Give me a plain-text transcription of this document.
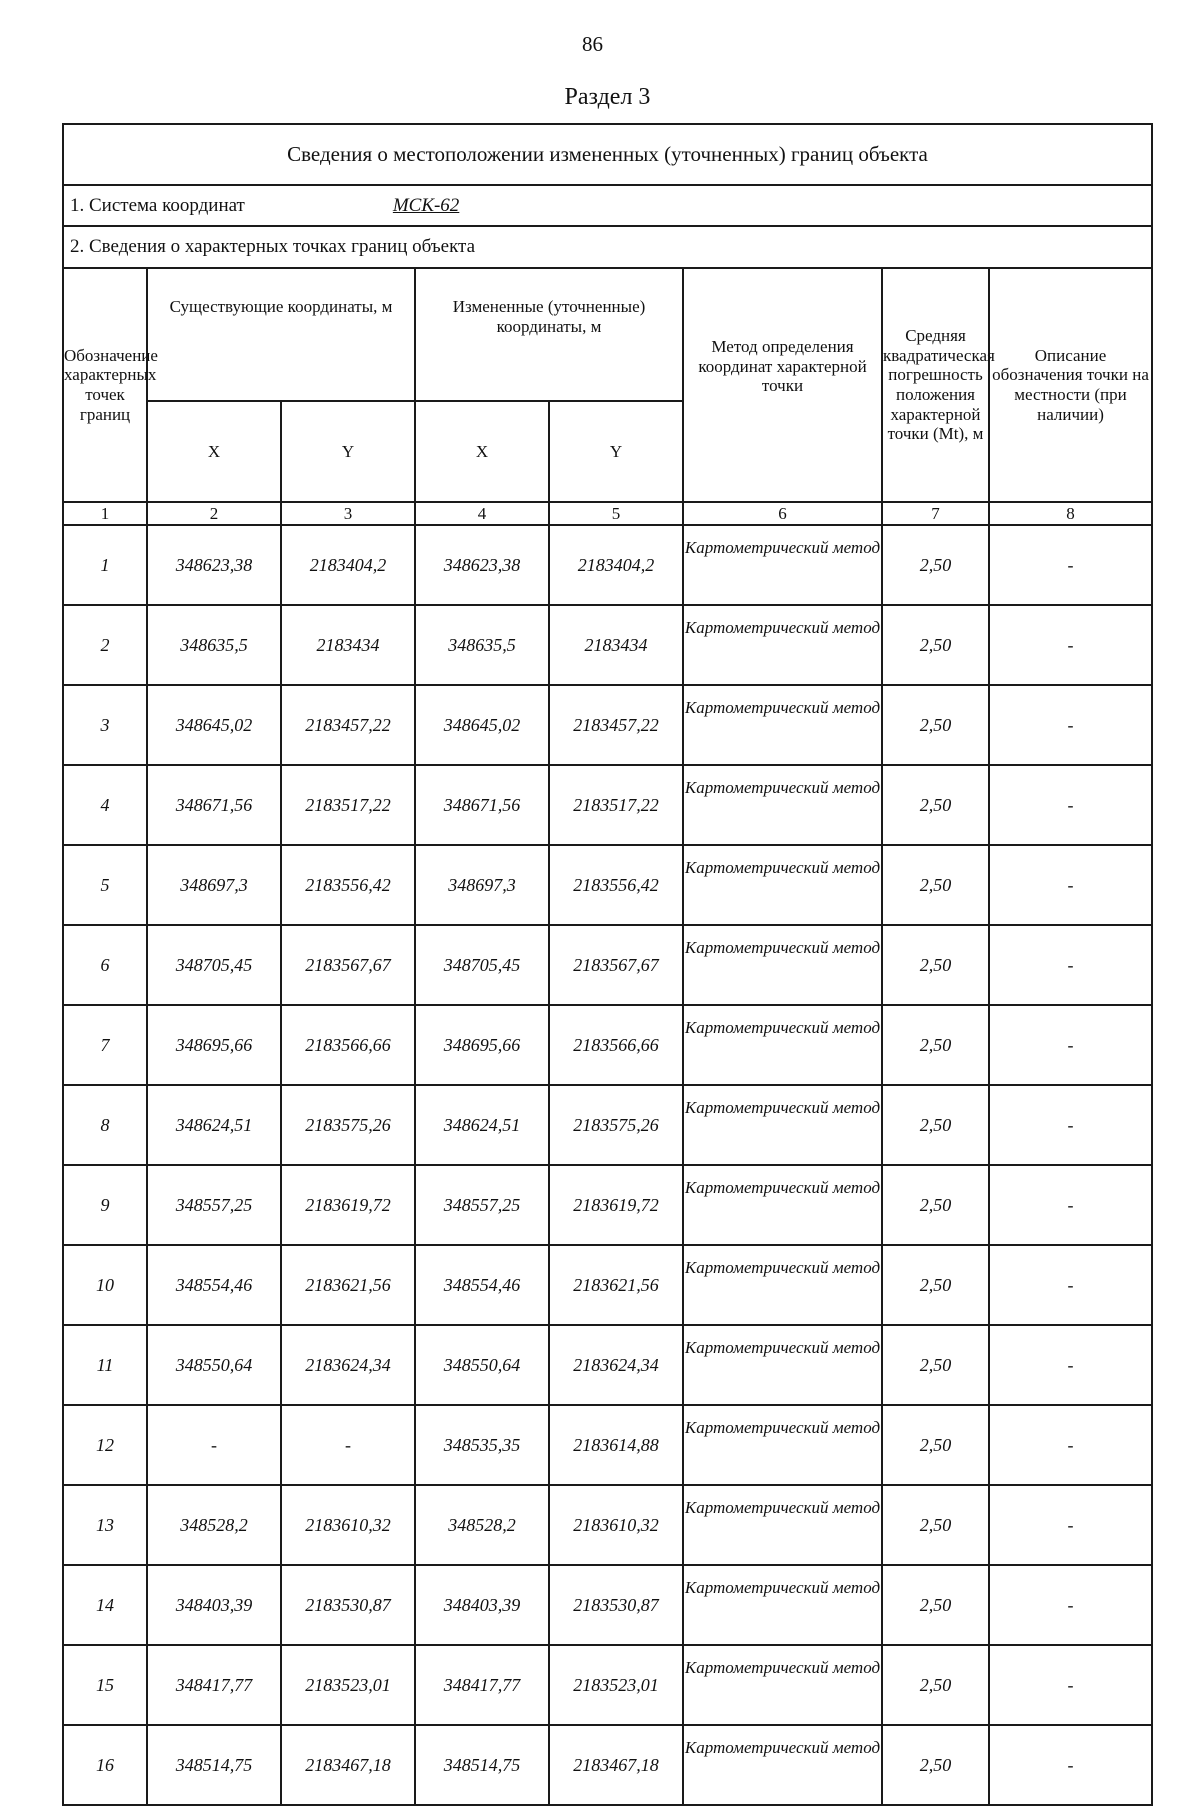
86
Раздел 3
Сведения о местоположении измененных (уточненных) границ объекта							
1. Система координат МСК-62							
2. Сведения о характерных точках границ объекта							
Обозначение характерных точек границ	Существующие координаты, м		Измененные (уточненные) координаты, м		Метод определения координат характерной точки	Средняя квадратическая погрешность положения характерной точки (Mt), м	Описание обозначения точки на местности (при наличии)
	X	Y	X	Y			
1	2	3	4	5	6	7	8
1	348623,38	2183404,2	348623,38	2183404,2	Картометрический метод	2,50	-
2	348635,5	2183434	348635,5	2183434	Картометрический метод	2,50	-
3	348645,02	2183457,22	348645,02	2183457,22	Картометрический метод	2,50	-
4	348671,56	2183517,22	348671,56	2183517,22	Картометрический метод	2,50	-
5	348697,3	2183556,42	348697,3	2183556,42	Картометрический метод	2,50	-
6	348705,45	2183567,67	348705,45	2183567,67	Картометрический метод	2,50	-
7	348695,66	2183566,66	348695,66	2183566,66	Картометрический метод	2,50	-
8	348624,51	2183575,26	348624,51	2183575,26	Картометрический метод	2,50	-
9	348557,25	2183619,72	348557,25	2183619,72	Картометрический метод	2,50	-
10	348554,46	2183621,56	348554,46	2183621,56	Картометрический метод	2,50	-
11	348550,64	2183624,34	348550,64	2183624,34	Картометрический метод	2,50	-
12	-	-	348535,35	2183614,88	Картометрический метод	2,50	-
13	348528,2	2183610,32	348528,2	2183610,32	Картометрический метод	2,50	-
14	348403,39	2183530,87	348403,39	2183530,87	Картометрический метод	2,50	-
15	348417,77	2183523,01	348417,77	2183523,01	Картометрический метод	2,50	-
16	348514,75	2183467,18	348514,75	2183467,18	Картометрический метод	2,50	-
